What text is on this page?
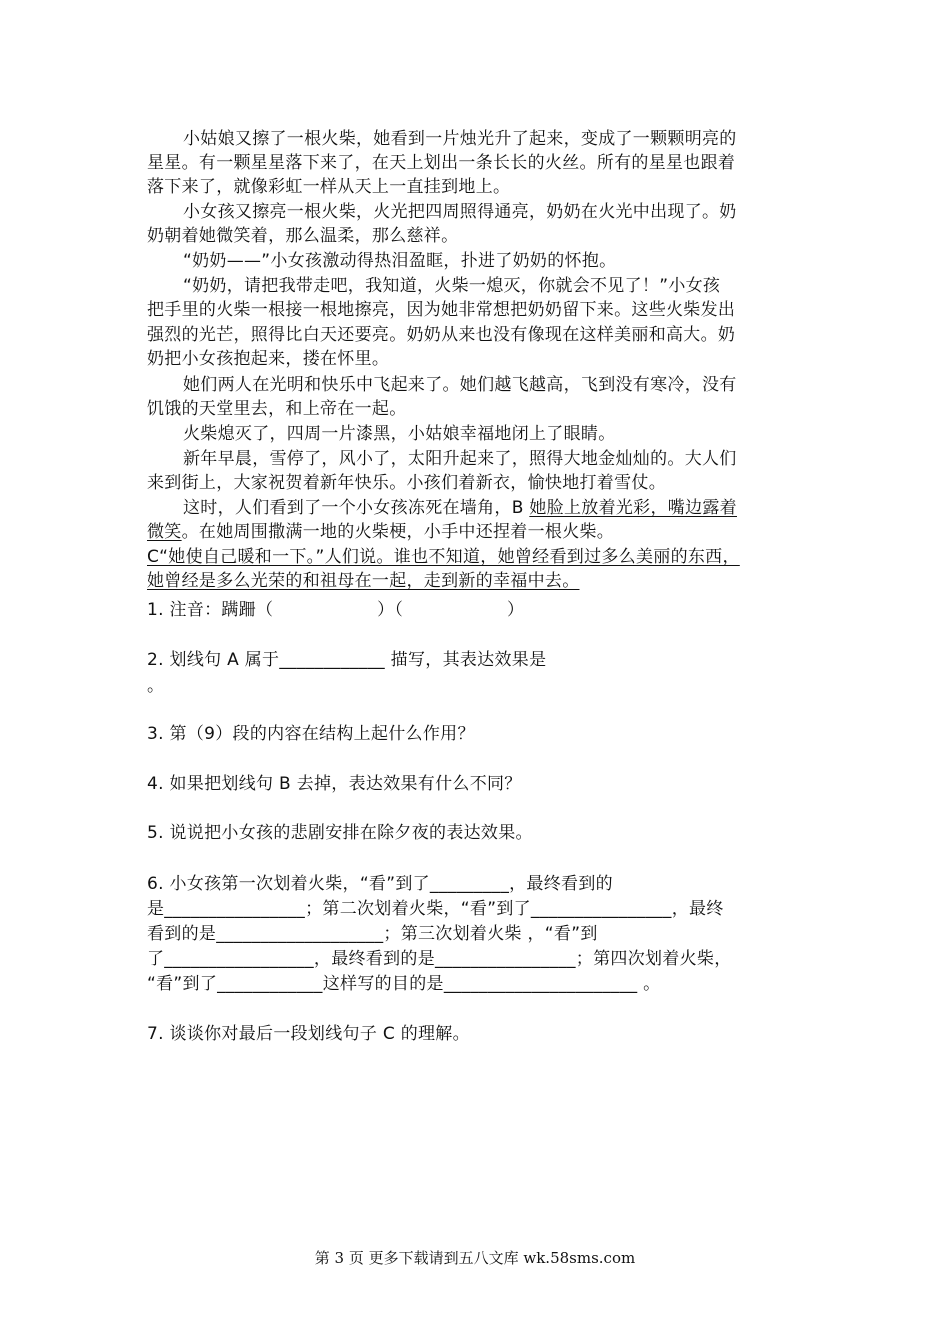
小姑娘又擦了一根火柴，她看到一片烛光升了起来，变成了一颗颗明亮的
星星。有一颗星星落下来了，在天上划出一条长长的火丝。所有的星星也跟着
落下来了，就像彩虹一样从天上一直挂到地上。
小女孩又擦亮一根火柴，火光把四周照得通亮，奶奶在火光中出现了。奶
奶朝着她微笑着，那么温柔，那么慈祥。
“奶奶——”小女孩激动得热泪盈眶，扑进了奶奶的怀抱。
“奶奶，请把我带走吧，我知道，火柴一熄灭，你就会不见了！”小女孩
把手里的火柴一根接一根地擦亮，因为她非常想把奶奶留下来。这些火柴发出
强烈的光芒，照得比白天还要亮。奶奶从来也没有像现在这样美丽和高大。奶
奶把小女孩抱起来，搂在怀里。
她们两人在光明和快乐中飞起来了。她们越飞越高，飞到没有寒冷，没有
饥饿的天堂里去，和上帝在一起。
火柴熄灭了，四周一片漆黑，小姑娘幸福地闭上了眼睛。
新年早晨，雪停了，风小了，太阳升起来了，照得大地金灿灿的。大人们
来到街上，大家祝贺着新年快乐。小孩们着新衣，愉快地打着雪仗。
这时，人们看到了一个小女孩冻死在墙角，B 她脸上放着光彩，嘴边露着
微笑。在她周围撒满一地的火柴梗，小手中还捏着一根火柴。
C“她使自己暖和一下。”人们说。谁也不知道，她曾经看到过多么美丽的东西，
她曾经是多么光荣的和祖母在一起，走到新的幸福中去。
1. 注音：蹒跚（　　　　　　）（　　　　　　）
2. 划线句 A 属于____________ 描写，其表达效果是
。
3. 第（9）段的内容在结构上起什么作用？
4. 如果把划线句 B 去掉，表达效果有什么不同？
5. 说说把小女孩的悲剧安排在除夕夜的表达效果。
6. 小女孩第一次划着火柴，“看”到了_________，最终看到的
是________________；第二次划着火柴，“看”到了________________，最终
看到的是___________________；第三次划着火柴 ，“看”到
了_________________，最终看到的是________________；第四次划着火柴，
“看”到了____________这样写的目的是______________________ 。
7. 谈谈你对最后一段划线句子 C 的理解。
第 3 页 更多下载请到五八文库 wk.58sms.com
